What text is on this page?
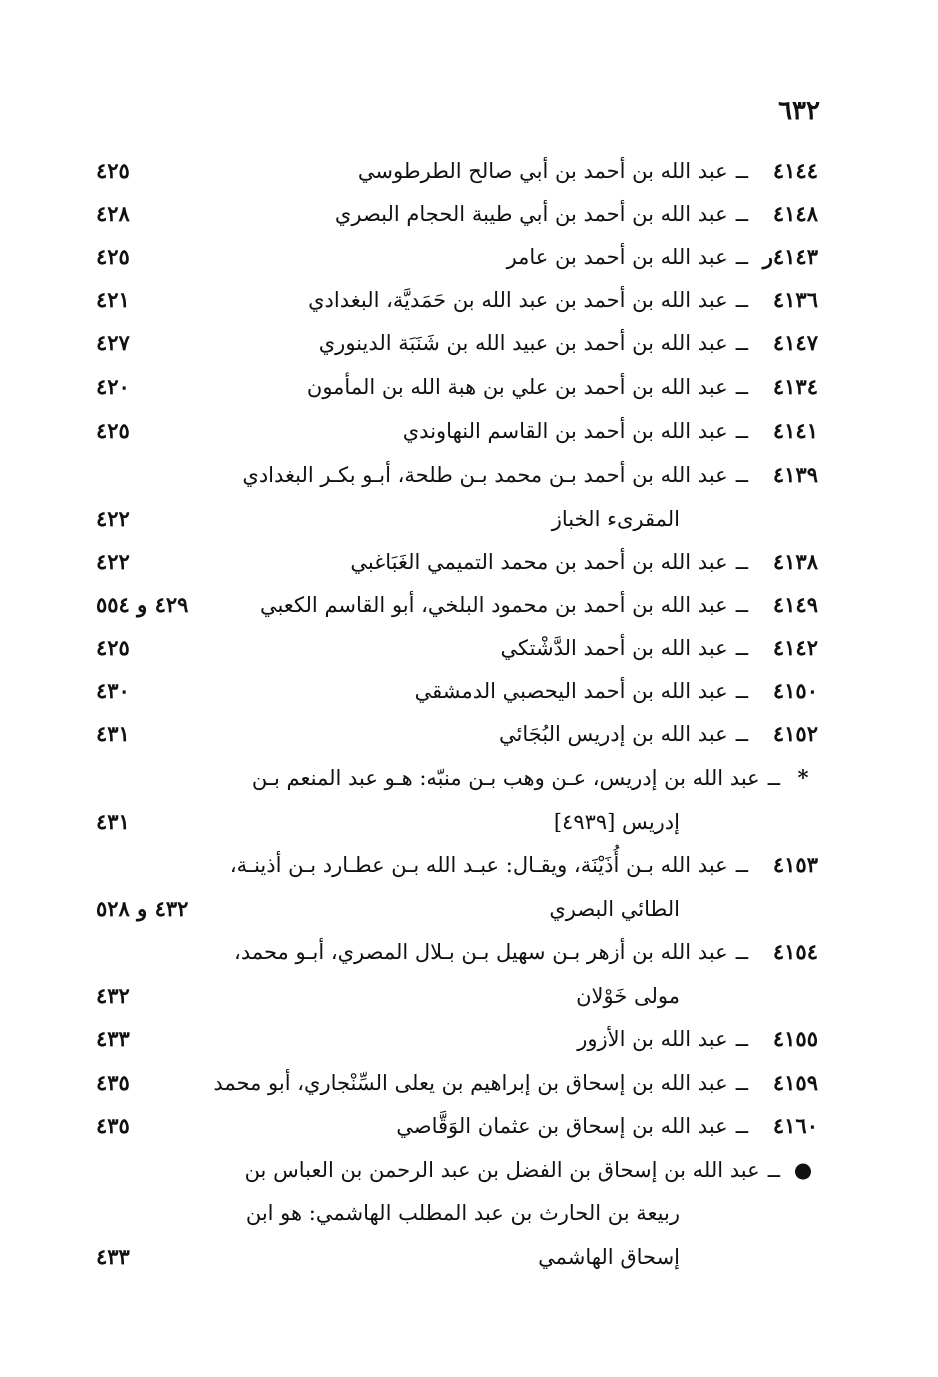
٦٣٢
٤١٤٤ــعبد الله بن أحمد بن أبي صالح الطرطوسي
٤٢٥
٤١٤٨ــعبد الله بن أحمد بن أبي طيبة الحجام البصري
٤٢٨
٤١٤٣رــعبد الله بن أحمد بن عامر
٤٢٥
٤١٣٦ــعبد الله بن أحمد بن عبد الله بن حَمَديَّة، البغدادي
٤٢١
٤١٤٧ــعبد الله بن أحمد بن عبيد الله بن شَنَبَة الدينوري
٤٢٧
٤١٣٤ــعبد الله بن أحمد بن علي بن هبة الله بن المأمون
٤٢٠
٤١٤١ــعبد الله بن أحمد بن القاسم النهاوندي
٤٢٥
٤١٣٩ــعبد الله بن أحمد بـن محمد بـن طلحة، أبـو بكـر البغدادي
المقرىء الخباز
٤٢٢
٤١٣٨ــعبد الله بن أحمد بن محمد التميمي الغَبَاغبي
٤٢٢
٤١٤٩ــعبد الله بن أحمد بن محمود البلخي، أبو القاسم الكعبي
٤٢٩ و ٥٥٤
٤١٤٢ــعبد الله بن أحمد الدَّشْتكي
٤٢٥
٤١٥٠ــعبد الله بن أحمد اليحصبي الدمشقي
٤٣٠
٤١٥٢ــعبد الله بن إدريس البُجَائي
٤٣١
*ــعبد الله بن إدريس، عـن وهب بـن منبّه: هـو عبد المنعم بـن
إدريس [٤٩٣٩]
٤٣١
٤١٥٣ــعبد الله بـن أُذَيْنَة، ويقـال: عبـد الله بـن عطـارد بـن أذينـة،
الطائي البصري
٤٣٢ و ٥٢٨
٤١٥٤ــعبد الله بن أزهر بـن سهيل بـن بـلال المصري، أبـو محمد،
مولى خَوْلان
٤٣٢
٤١٥٥ــعبد الله بن الأزور
٤٣٣
٤١٥٩ــعبد الله بن إسحاق بن إبراهيم بن يعلى السِّنْجاري، أبو محمد
٤٣٥
٤١٦٠ــعبد الله بن إسحاق بن عثمان الوَقَّاصي
٤٣٥
●ــعبد الله بن إسحاق بن الفضل بن عبد الرحمن بن العباس بن
ربيعة بن الحارث بن عبد المطلب الهاشمي: هو ابن
إسحاق الهاشمي
٤٣٣
